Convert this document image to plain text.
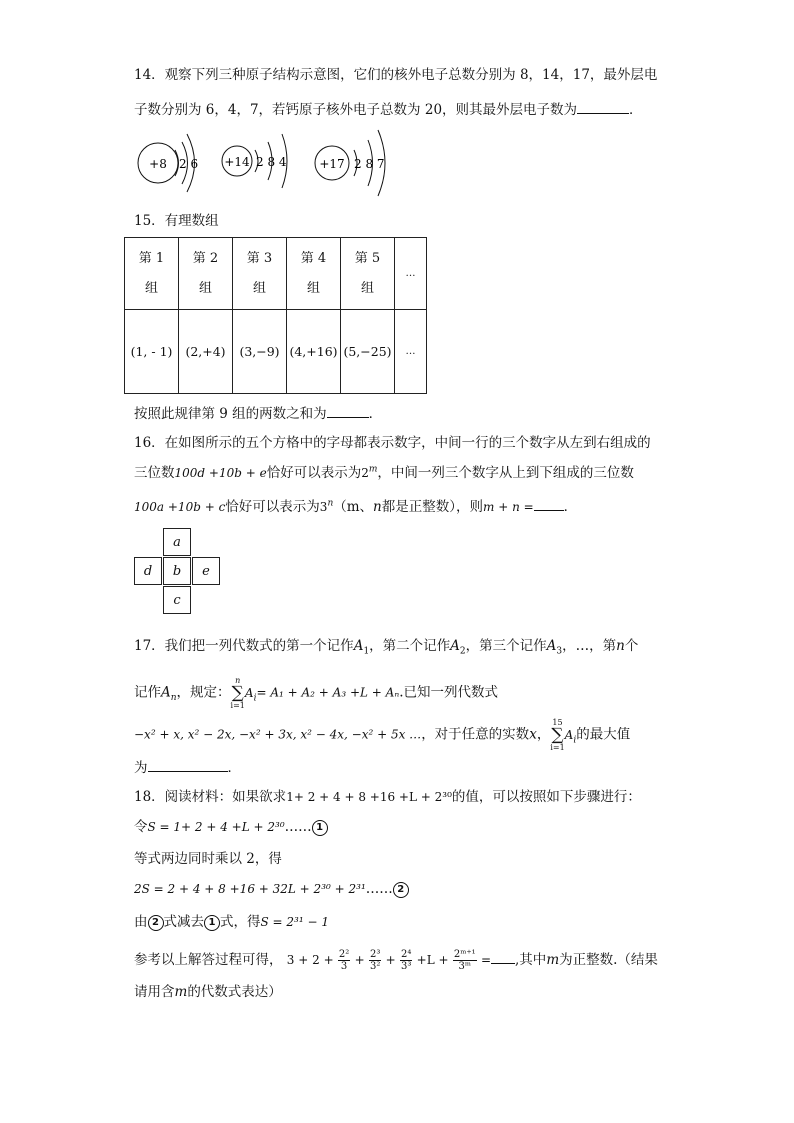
14．观察下列三种原子结构示意图，它们的核外电子总数分别为 8，14，17，最外层电
子数分别为 6，4，7，若钙原子核外电子总数为 20，则其最外层电子数为	．
+8 2 6 +14 2 8 4	+17 2 8 7
15．有理数组
第 1
组	第 2
组	第 3
组	第 4
组	第 5
组	…
(1, - 1)	(2,+4)	(3,−9)	(4,+16)	(5,−25)	…
按照此规律第 9 组的两数之和为	．
16．在如图所示的五个方格中的字母都表示数字，中间一行的三个数字从左到右组成的
三位数100d +10b + e恰好可以表示为2$^m$，中间一列三个数字从上到下组成的三位数
100a +10b + c恰好可以表示为3$^n$（m、n都是正整数），则m + n = ．
a
d	b	e
c
17．我们把一列代数式的第一个记作$A_1$，第二个记作$A_2$，第三个记作$A_3$，…，第n个
记作$A_n$，规定：n
∑
$i=1A_i= A_1 + A_2 + A_3 +L + A_n$.已知一列代数式
−x² + x, x² − 2x, −x² + 3x, x² − 4x, −x² + 5x …，对于任意的实数x，15
∑
$i=1A_i$的最大值
为	．
18．阅读材料：如果欲求1+ 2 + 4 + 8 +16 +L + 2³⁰的值，可以按照如下步骤进行：
令S = 1+ 2 + 4 +L + 2³⁰…… 1
等式两边同时乘以 2，得
2S = 2 + 4 + 8 +16 + 32L + 2³⁰ + 2³¹…… 2
由 2 式减去 1 式，得S = 2³¹ − 1
参考以上解答过程可得， $3 + 2 + \frac{\text{2²}}{3} + \frac{\text{2³}}{\text{3²}} + \frac{\text{2⁴}}{\text{3³}} +L + \frac{\text{2ᵐ⁺¹}}{\text{3ᵐ}}$ = ,其中m为正整数.（结果
请用含m的代数式表达）
